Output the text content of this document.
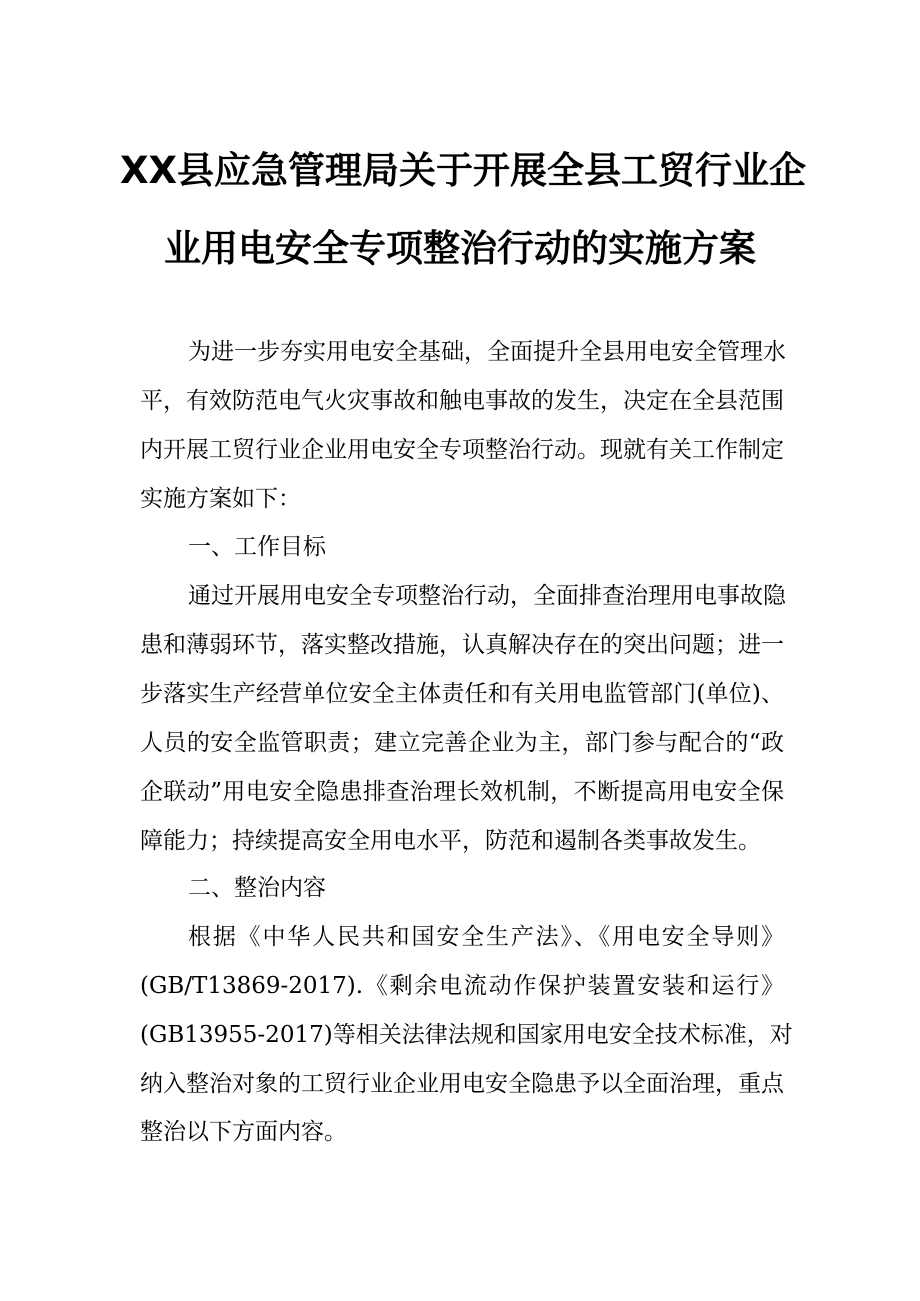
XX县应急管理局关于开展全县工贸行业企
业用电安全专项整治行动的实施方案

为进一步夯实用电安全基础，全面提升全县用电安全管理水

平，有效防范电气火灾事故和触电事故的发生，决定在全县范围

内开展工贸行业企业用电安全专项整治行动。现就有关工作制定

实施方案如下：

一、工作目标

通过开展用电安全专项整治行动，全面排查治理用电事故隐

患和薄弱环节，落实整改措施，认真解决存在的突出问题；进一

步落实生产经营单位安全主体责任和有关用电监管部门(单位)、

人员的安全监管职责；建立完善企业为主，部门参与配合的“政

企联动”用电安全隐患排查治理长效机制，不断提高用电安全保

障能力；持续提高安全用电水平，防范和遏制各类事故发生。

二、整治内容

根据《中华人民共和国安全生产法》、《用电安全导则》

(GB/T13869-2017).《剩余电流动作保护装置安装和运行》

(GB13955-2017)等相关法律法规和国家用电安全技术标准，对

纳入整治对象的工贸行业企业用电安全隐患予以全面治理，重点

整治以下方面内容。
